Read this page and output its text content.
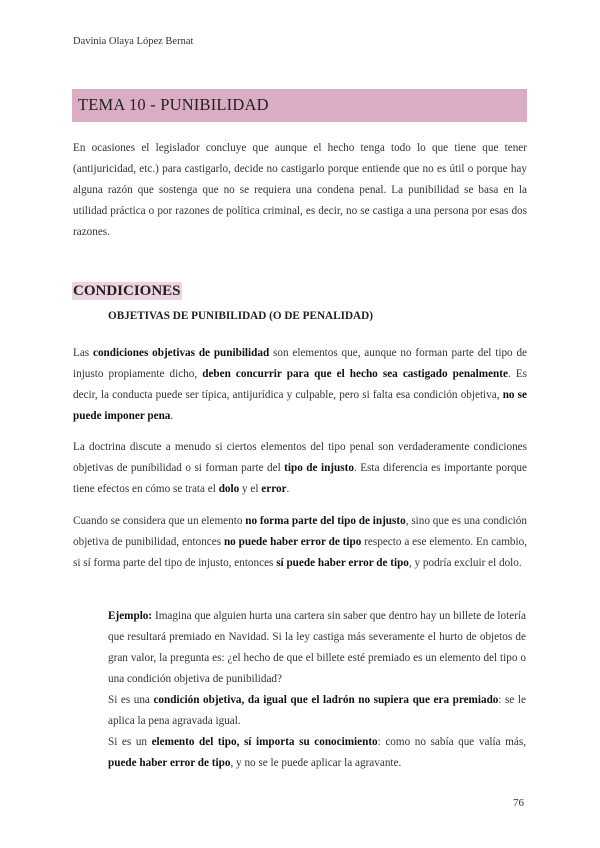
Davinia Olaya López Bernat
TEMA 10 - PUNIBILIDAD
En ocasiones el legislador concluye que aunque el hecho tenga todo lo que tiene que tener (antijuricidad, etc.) para castigarlo, decide no castigarlo porque entiende que no es útil o porque hay alguna razón que sostenga que no se requiera una condena penal. La punibilidad se basa en la utilidad práctica o por razones de política criminal, es decir, no se castiga a una persona por esas dos razones.
CONDICIONES
OBJETIVAS DE PUNIBILIDAD (O DE PENALIDAD)
Las condiciones objetivas de punibilidad son elementos que, aunque no forman parte del tipo de injusto propiamente dicho, deben concurrir para que el hecho sea castigado penalmente. Es decir, la conducta puede ser típica, antijurídica y culpable, pero si falta esa condición objetiva, no se puede imponer pena.
La doctrina discute a menudo si ciertos elementos del tipo penal son verdaderamente condiciones objetivas de punibilidad o si forman parte del tipo de injusto. Esta diferencia es importante porque tiene efectos en cómo se trata el dolo y el error.
Cuando se considera que un elemento no forma parte del tipo de injusto, sino que es una condición objetiva de punibilidad, entonces no puede haber error de tipo respecto a ese elemento. En cambio, si sí forma parte del tipo de injusto, entonces sí puede haber error de tipo, y podría excluir el dolo.

Ejemplo: Imagina que alguien hurta una cartera sin saber que dentro hay un billete de lotería que resultará premiado en Navidad. Si la ley castiga más severamente el hurto de objetos de gran valor, la pregunta es: ¿el hecho de que el billete esté premiado es un elemento del tipo o una condición objetiva de punibilidad?

Si es una condición objetiva, da igual que el ladrón no supiera que era premiado: se le aplica la pena agravada igual.

Si es un elemento del tipo, sí importa su conocimiento: como no sabía que valía más, puede haber error de tipo, y no se le puede aplicar la agravante.

76
